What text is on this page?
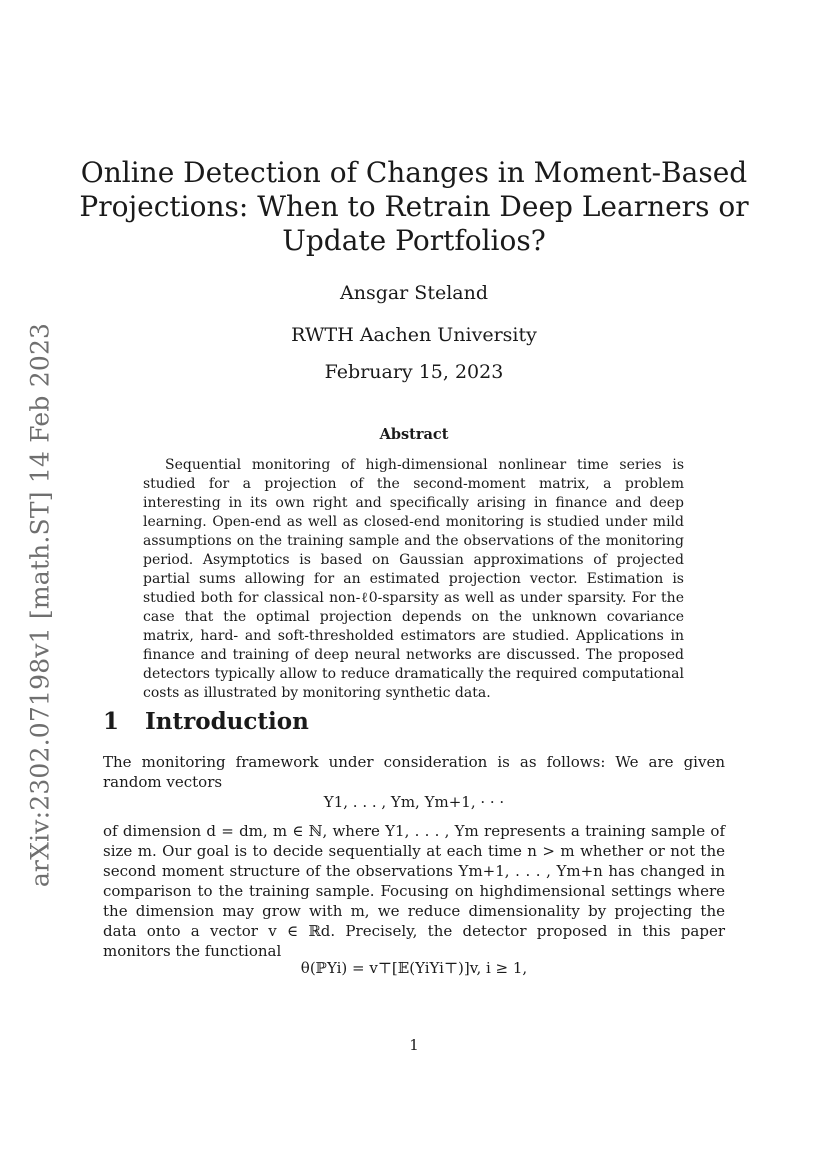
arXiv:2302.07198v1 [math.ST] 14 Feb 2023
Online Detection of Changes in Moment-Based
Projections: When to Retrain Deep Learners or
Update Portfolios?
Ansgar Steland
RWTH Aachen University
February 15, 2023
Abstract

Sequential monitoring of high-dimensional nonlinear time series is studied for a projection of the second-moment matrix, a problem interesting in its own right and specifically arising in finance and deep learning. Open-end as well as closed-end monitoring is studied under mild assumptions on the training sample and the observations of the monitoring period. Asymptotics is based on Gaussian approximations of projected partial sums allowing for an estimated projection vector. Estimation is studied both for classical non-ℓ0-sparsity as well as under sparsity. For the case that the optimal projection depends on the unknown covariance matrix, hard- and soft-thresholded estimators are studied. Applications in finance and training of deep neural networks are discussed. The proposed detectors typically allow to reduce dramatically the required computational costs as illustrated by monitoring synthetic data.

1 Introduction

The monitoring framework under consideration is as follows: We are given random vectors

Y1, . . . , Ym, Ym+1, · · ·

of dimension d = dm, m ∈ ℕ, where Y1, . . . , Ym represents a training sample of size m. Our goal is to decide sequentially at each time n > m whether or not the second moment structure of the observations Ym+1, . . . , Ym+n has changed in comparison to the training sample. Focusing on highdimensional settings where the dimension may grow with m, we reduce dimensionality by projecting the data onto a vector v ∈ ℝd. Precisely, the detector proposed in this paper monitors the functional

θ(ℙYi) = v⊤[𝔼(YiYi⊤)]v, i ≥ 1,
1
